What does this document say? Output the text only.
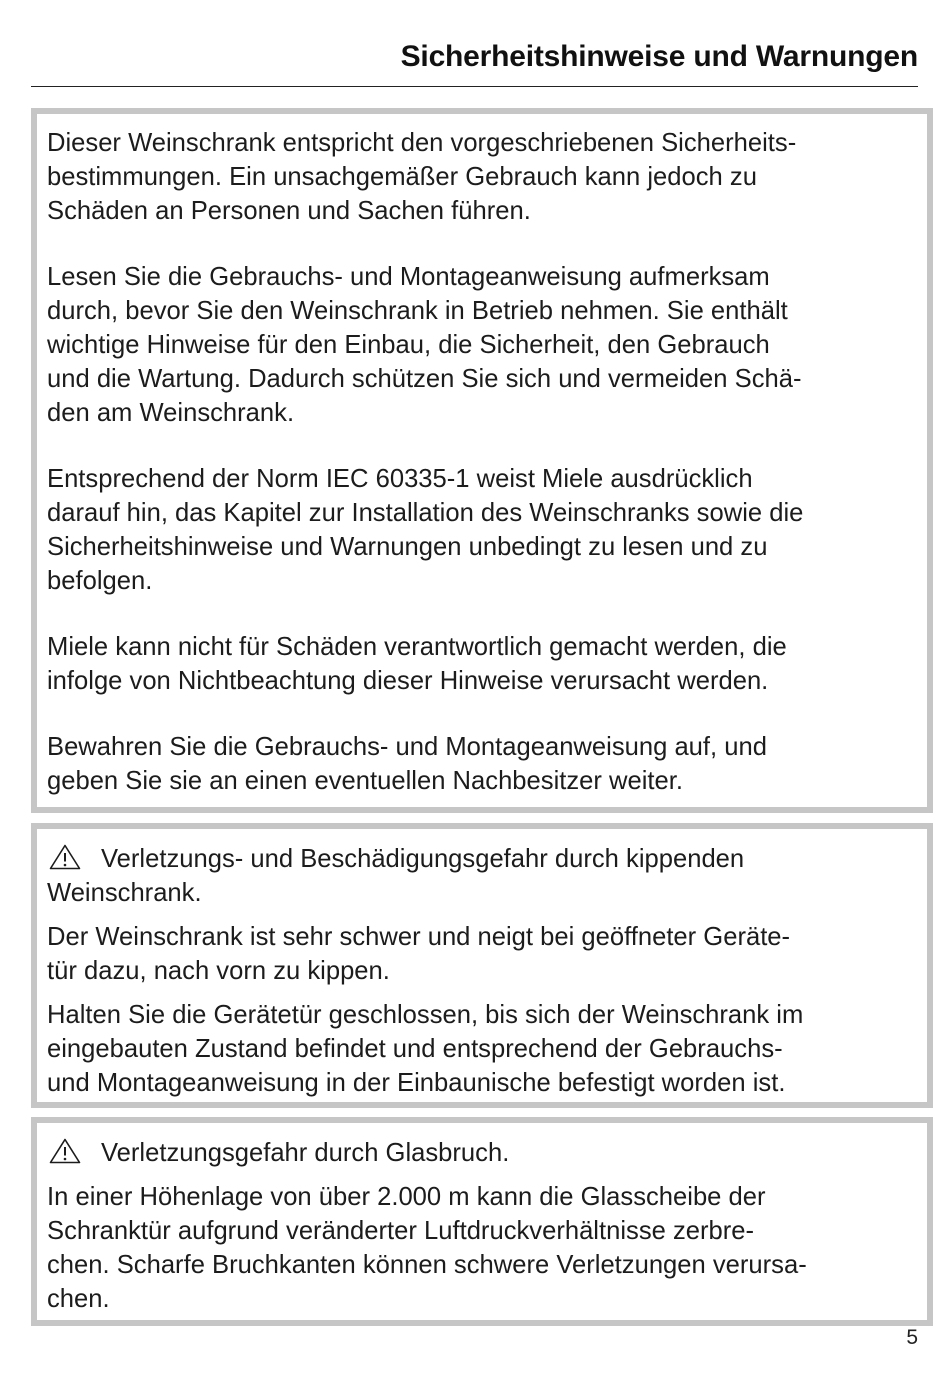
Sicherheitshinweise und Warnungen

Dieser Weinschrank entspricht den vorgeschriebenen Sicherheits-
bestimmungen. Ein unsachgemäßer Gebrauch kann jedoch zu
Schäden an Personen und Sachen führen.

Lesen Sie die Gebrauchs- und Montageanweisung aufmerksam
durch, bevor Sie den Weinschrank in Betrieb nehmen. Sie enthält
wichtige Hinweise für den Einbau, die Sicherheit, den Gebrauch
und die Wartung. Dadurch schützen Sie sich und vermeiden Schä-
den am Weinschrank.

Entsprechend der Norm IEC 60335-1 weist Miele ausdrücklich
darauf hin, das Kapitel zur Installation des Weinschranks sowie die
Sicherheitshinweise und Warnungen unbedingt zu lesen und zu
befolgen.

Miele kann nicht für Schäden verantwortlich gemacht werden, die
infolge von Nichtbeachtung dieser Hinweise verursacht werden.

Bewahren Sie die Gebrauchs- und Montageanweisung auf, und
geben Sie sie an einen eventuellen Nachbesitzer weiter.

Verletzungs- und Beschädigungsgefahr durch kippenden
Weinschrank.

Der Weinschrank ist sehr schwer und neigt bei geöffneter Geräte-
tür dazu, nach vorn zu kippen.

Halten Sie die Gerätetür geschlossen, bis sich der Weinschrank im
eingebauten Zustand befindet und entsprechend der Gebrauchs-
und Montageanweisung in der Einbaunische befestigt worden ist.

Verletzungsgefahr durch Glasbruch.

In einer Höhenlage von über 2.000 m kann die Glasscheibe der
Schranktür aufgrund veränderter Luftdruckverhältnisse zerbre-
chen. Scharfe Bruchkanten können schwere Verletzungen verursa-
chen.

5
